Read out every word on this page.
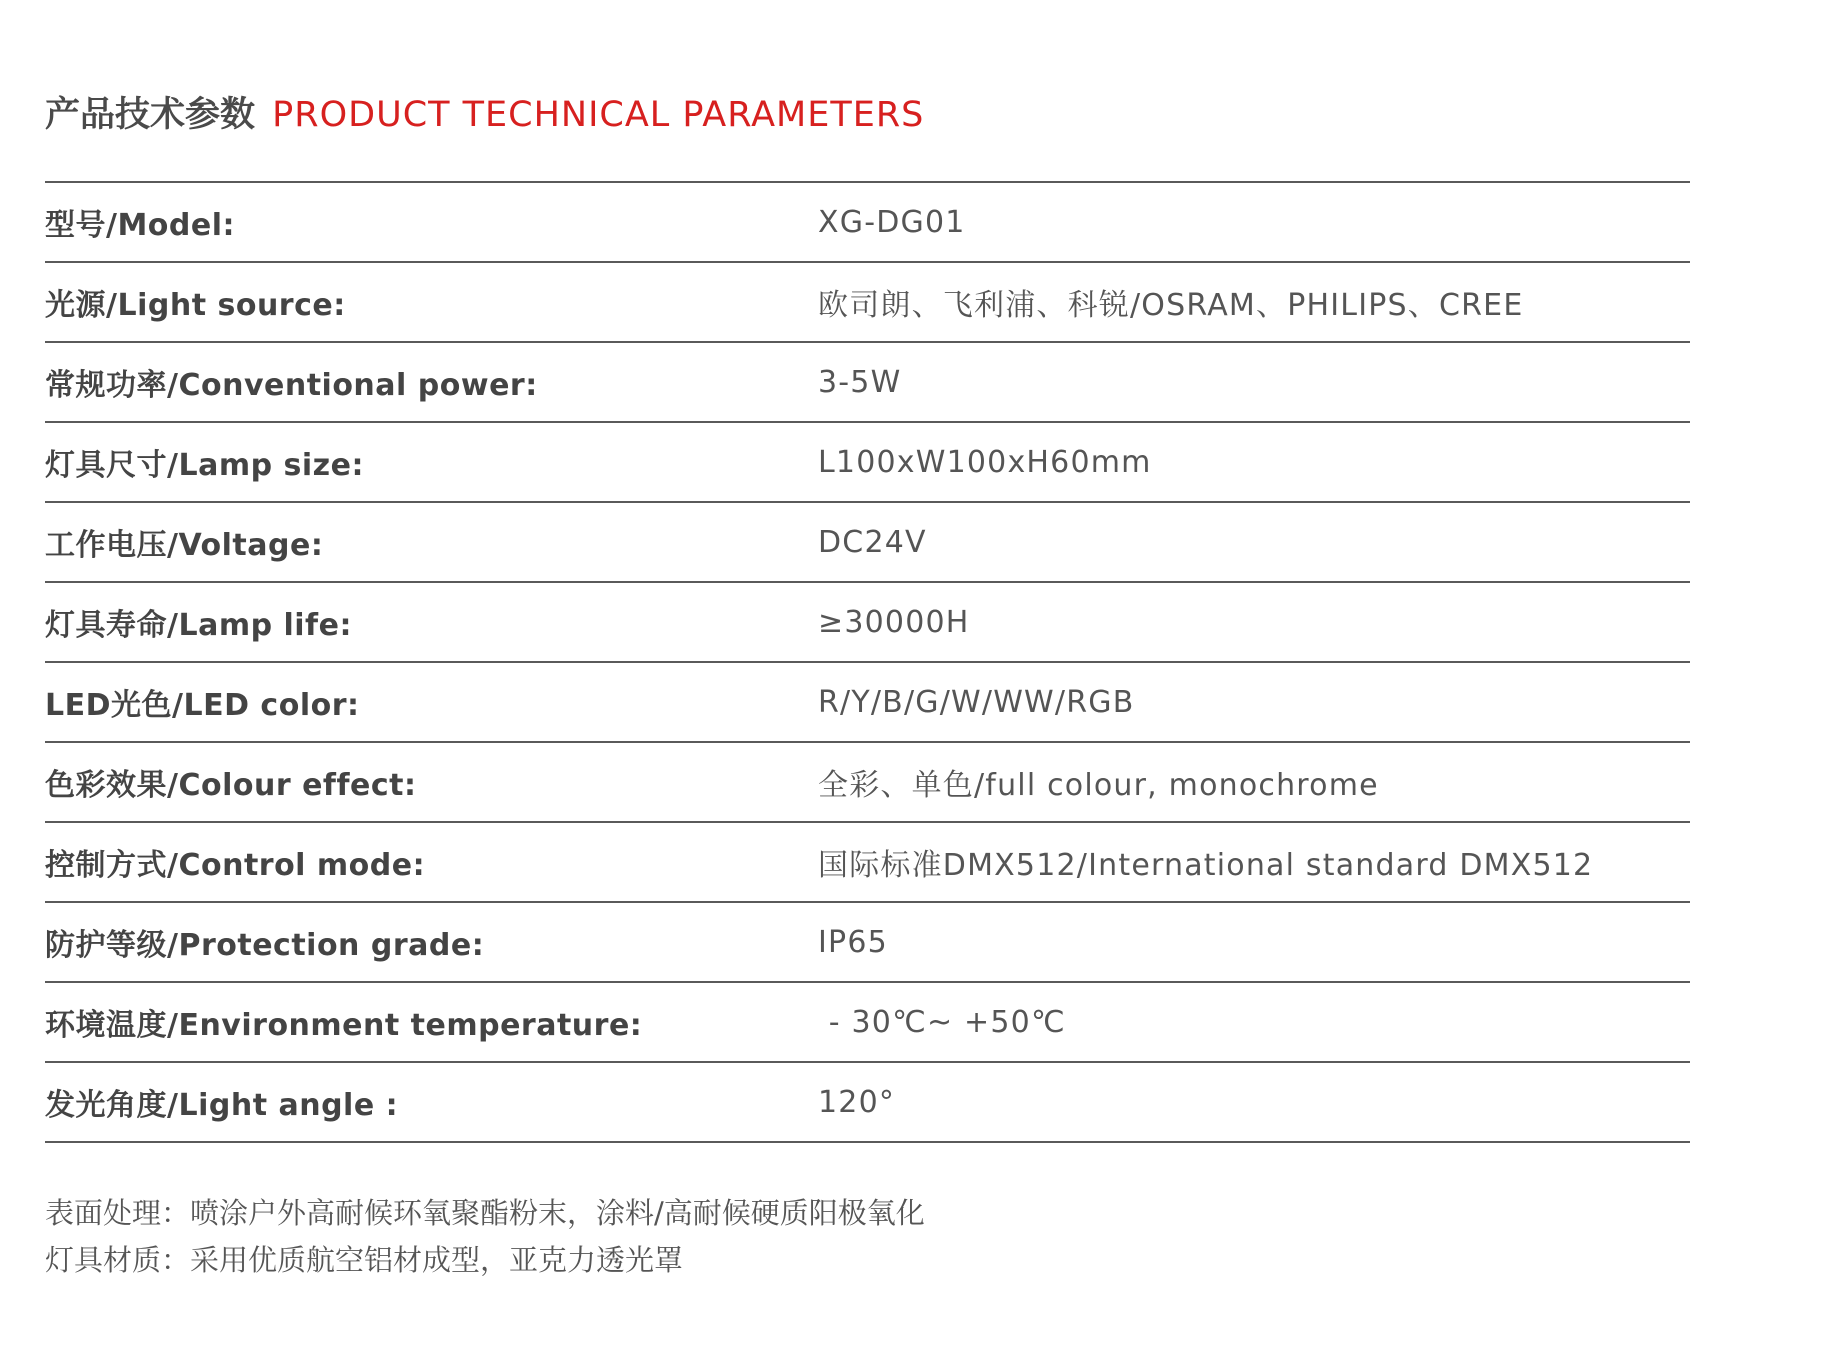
产品技术参数 PRODUCT TECHNICAL PARAMETERS
型号/Model:	XG-DG01
光源/Light source:	欧司朗、飞利浦、科锐/OSRAM、PHILIPS、CREE
常规功率/Conventional power:	3-5W
灯具尺寸/Lamp size:	L100xW100xH60mm
工作电压/Voltage:	DC24V
灯具寿命/Lamp life:	≥30000H
LED光色/LED color:	R/Y/B/G/W/WW/RGB
色彩效果/Colour effect:	全彩、单色/full colour, monochrome
控制方式/Control mode:	国际标准DMX512/International standard DMX512
防护等级/Protection grade:	IP65
环境温度/Environment temperature:	- 30℃~ +50℃
发光角度/Light angle :	120°
表面处理：喷涂户外高耐候环氧聚酯粉末，涂料/高耐候硬质阳极氧化
灯具材质：采用优质航空铝材成型，亚克力透光罩
